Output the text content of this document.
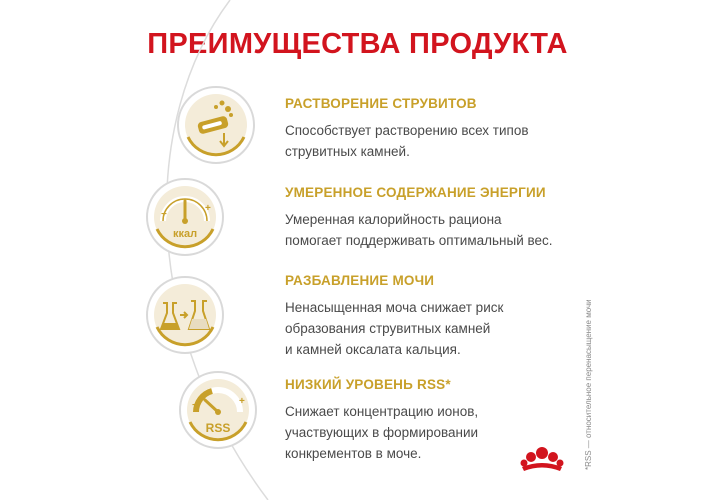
ПРЕИМУЩЕСТВА ПРОДУКТА
−
+
ккал
−	+
RSS
РАСТВОРЕНИЕ СТРУВИТОВ

Способствует растворению всех типов
струвитных камней.

УМЕРЕННОЕ СОДЕРЖАНИЕ ЭНЕРГИИ

Умеренная калорийность рациона
помогает поддерживать оптимальный вес.

РАЗБАВЛЕНИЕ МОЧИ

Ненасыщенная моча снижает риск
образования струвитных камней
и камней оксалата кальция.

НИЗКИЙ УРОВЕНЬ RSS*

Снижает концентрацию ионов,
участвующих в формировании
конкрементов в моче.	*RSS — относительное перенасыщение мочи
